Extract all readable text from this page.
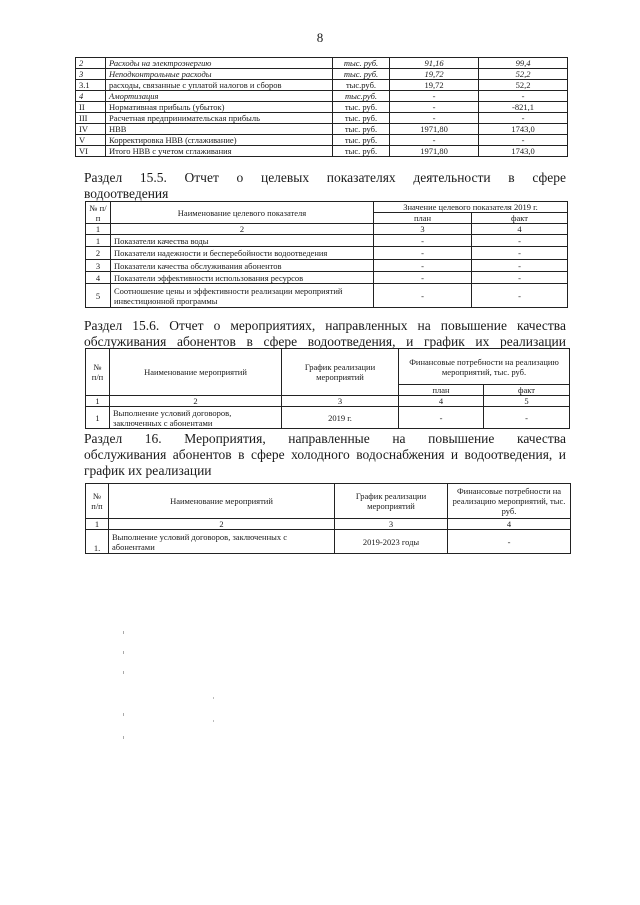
8
2	Расходы на электроэнергию	тыс. руб.	91,16	99,4
3	Неподконтрольные расходы	тыс. руб.	19,72	52,2
3.1	расходы, связанные с уплатой налогов и сборов	тыс.руб.	19,72	52,2
4	Амортизация	тыс.руб.	-	-
II	Нормативная прибыль (убыток)	тыс. руб.	-	-821,1
III	Расчетная предпринимательская прибыль	тыс. руб.	-	-
IV	НВВ	тыс. руб.	1971,80	1743,0
V	Корректировка НВВ (сглаживание)	тыс. руб.	-	-
VI	Итого НВВ с учетом сглаживания	тыс. руб.	1971,80	1743,0
Раздел 15.5. Отчет о целевых показателях деятельности в сфере
водоотведения
№ п/п	Наименование целевого показателя	Значение целевого показателя 2019 г.	
		план	факт
1	2	3	4
1	Показатели качества воды	-	-
2	Показатели надежности и бесперебойности водоотведения	-	-
3	Показатели качества обслуживания абонентов	-	-
4	Показатели эффективности использования ресурсов	-	-
5	Соотношение цены и эффективности реализации мероприятий инвестиционной программы	-	-
Раздел 15.6. Отчет о мероприятиях, направленных на повышение качества
обслуживания абонентов в сфере водоотведения, и график их реализации
№ п/п	Наименование мероприятий	График реализации мероприятий	Финансовые потребности на реализацию мероприятий, тыс. руб.	
			план	факт
1	2	3	4	5
1	Выполнение условий договоров, заключенных с абонентами	2019 г.	-	-
Раздел 16. Мероприятия, направленные на повышение качества
обслуживания абонентов в сфере холодного водоснабжения и водоотведения, и
график их реализации
№ п/п	Наименование мероприятий	График реализации мероприятий	Финансовые потребности на реализацию мероприятий, тыс. руб.
1	2	3	4
1.	Выполнение условий договоров, заключенных с абонентами	2019-2023 годы	-
